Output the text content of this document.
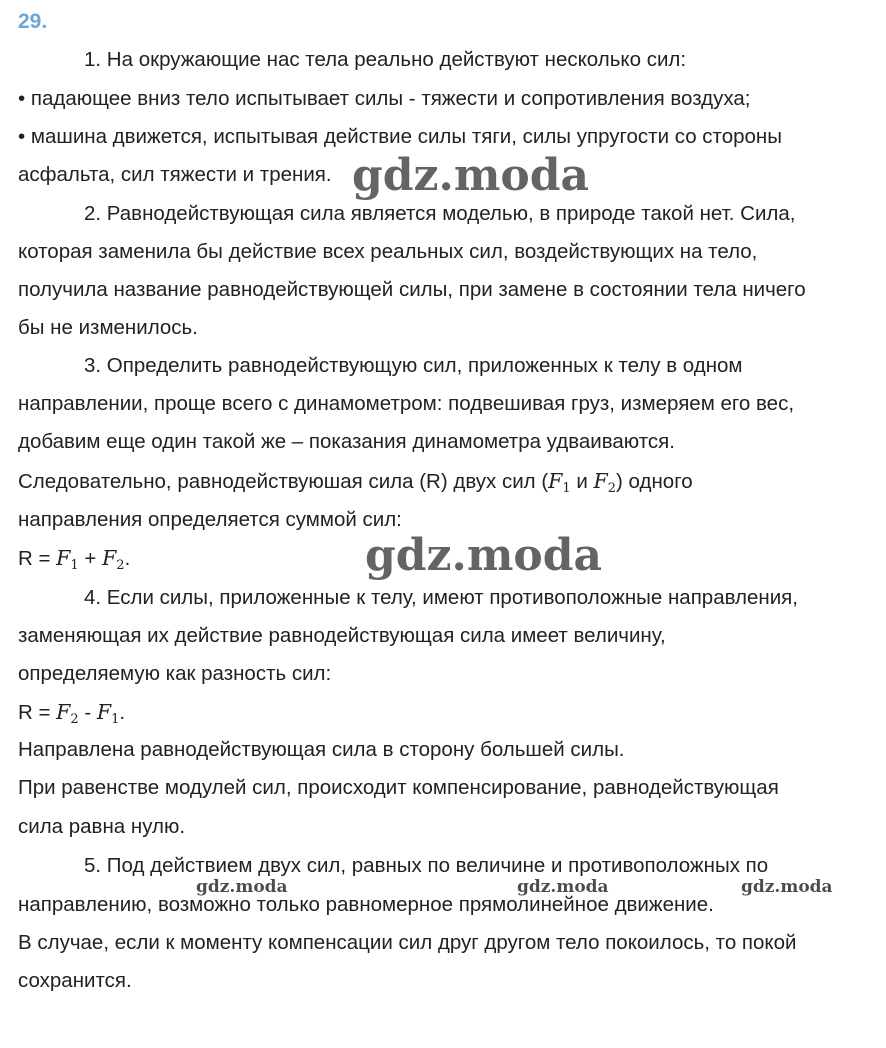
29.
1. На окружающие нас тела реально действуют несколько сил:
• падающее вниз тело испытывает силы - тяжести и сопротивления воздуха;
• машина движется, испытывая действие силы тяги, силы упругости со стороны
асфальта, сил тяжести и трения.
2. Равнодействующая сила является моделью, в природе такой нет. Сила,
которая заменила бы действие всех реальных сил, воздействующих на тело,
получила название равнодействующей силы, при замене в состоянии тела ничего
бы не изменилось.
3. Определить равнодействующую сил, приложенных к телу в одном
направлении, проще всего с динамометром: подвешивая груз, измеряем его вес,
добавим еще один такой же – показания динамометра удваиваются.
Следовательно, равнодействуюшая сила (R) двух сил ($F_1$ и $F_2$) одного
направления определяется суммой сил:
$R = F_1 + F_2$.
4. Если силы, приложенные к телу, имеют противоположные направления,
заменяющая их действие равнодействующая сила имеет величину,
определяемую как разность сил:
$R = F_2 - F_1$.
Направлена равнодействующая сила в сторону большей силы.
При равенстве модулей сил, происходит компенсирование, равнодействующая
сила равна нулю.
5. Под действием двух сил, равных по величине и противоположных по
направлению, возможно только равномерное прямолинейное движение.
В случае, если к моменту компенсации сил друг другом тело покоилось, то покой
сохранится.
gdz.moda
gdz.moda
gdz.moda	gdz.moda	gdz.moda
